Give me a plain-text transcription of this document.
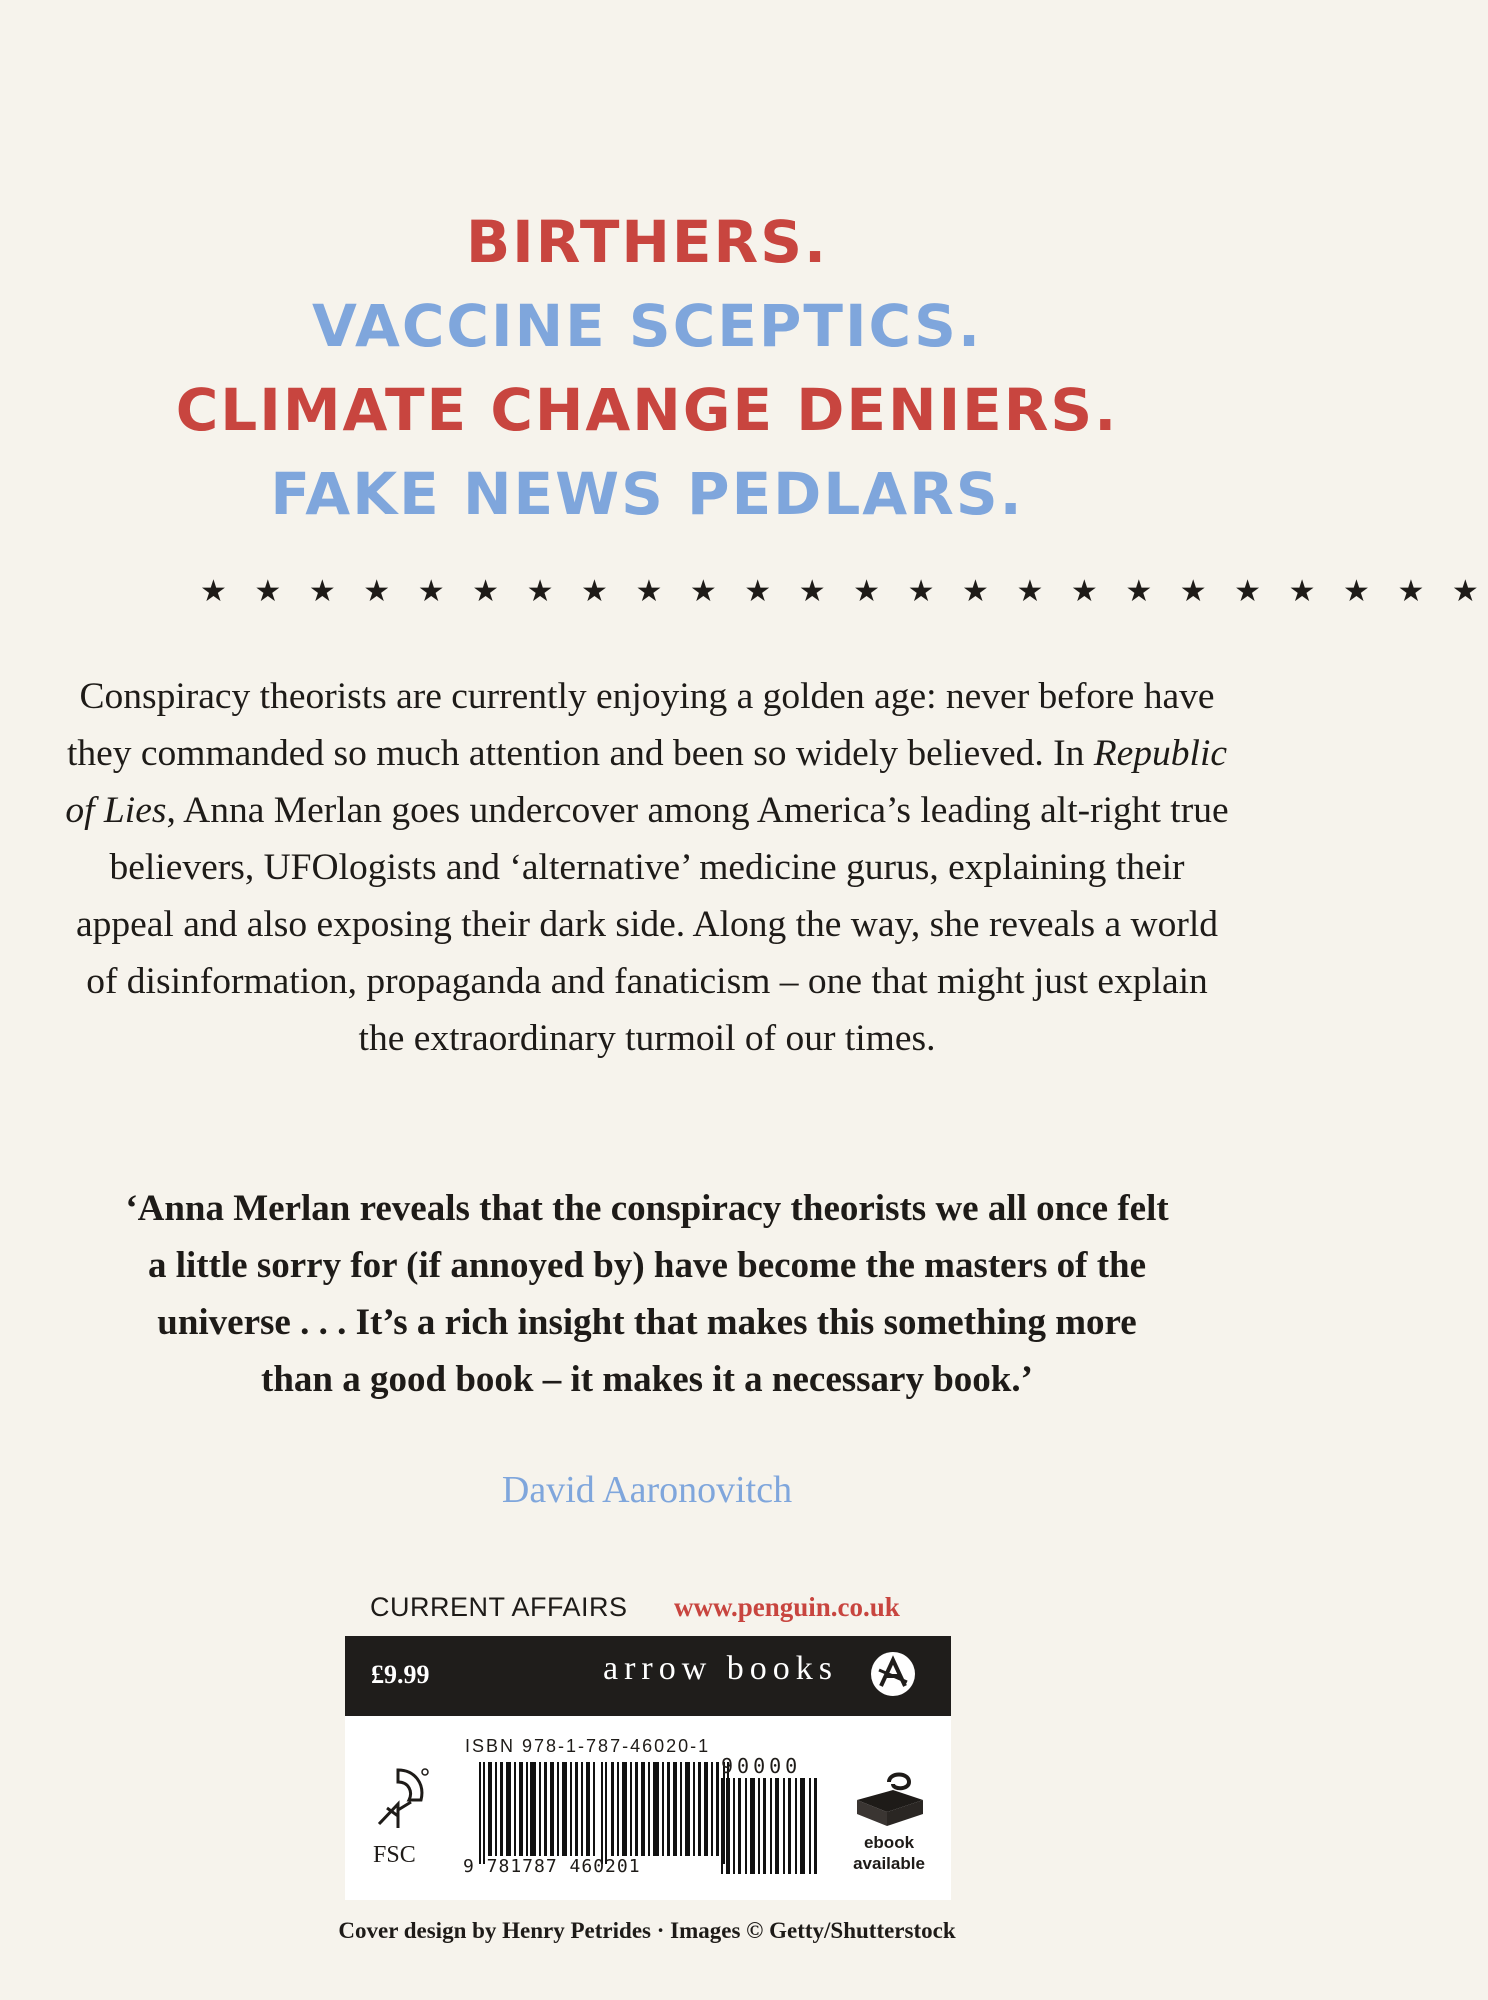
BIRTHERS.
VACCINE SCEPTICS.
CLIMATE CHANGE DENIERS.
FAKE NEWS PEDLARS.
★ ★ ★ ★ ★ ★ ★ ★ ★ ★ ★ ★ ★ ★ ★ ★ ★ ★ ★ ★ ★ ★ ★ ★
Conspiracy theorists are currently enjoying a golden age: never before have they commanded so much attention and been so widely believed. In Republic of Lies, Anna Merlan goes undercover among America’s leading alt-right true believers, UFOlogists and ‘alternative’ medicine gurus, explaining their appeal and also exposing their dark side. Along the way, she reveals a world of disinformation, propaganda and fanaticism – one that might just explain the extraordinary turmoil of our times.
‘Anna Merlan reveals that the conspiracy theorists we all once felt a little sorry for (if annoyed by) have become the masters of the universe . . . It’s a rich insight that makes this something more than a good book – it makes it a necessary book.’
David Aaronovitch
CURRENT AFFAIRS www.penguin.co.uk
£9.99	arrow books
ISBN 978-1-787-46020-1
FSC	9 781787 460201
90000
ebook
available
Cover design by Henry Petrides · Images © Getty/Shutterstock
